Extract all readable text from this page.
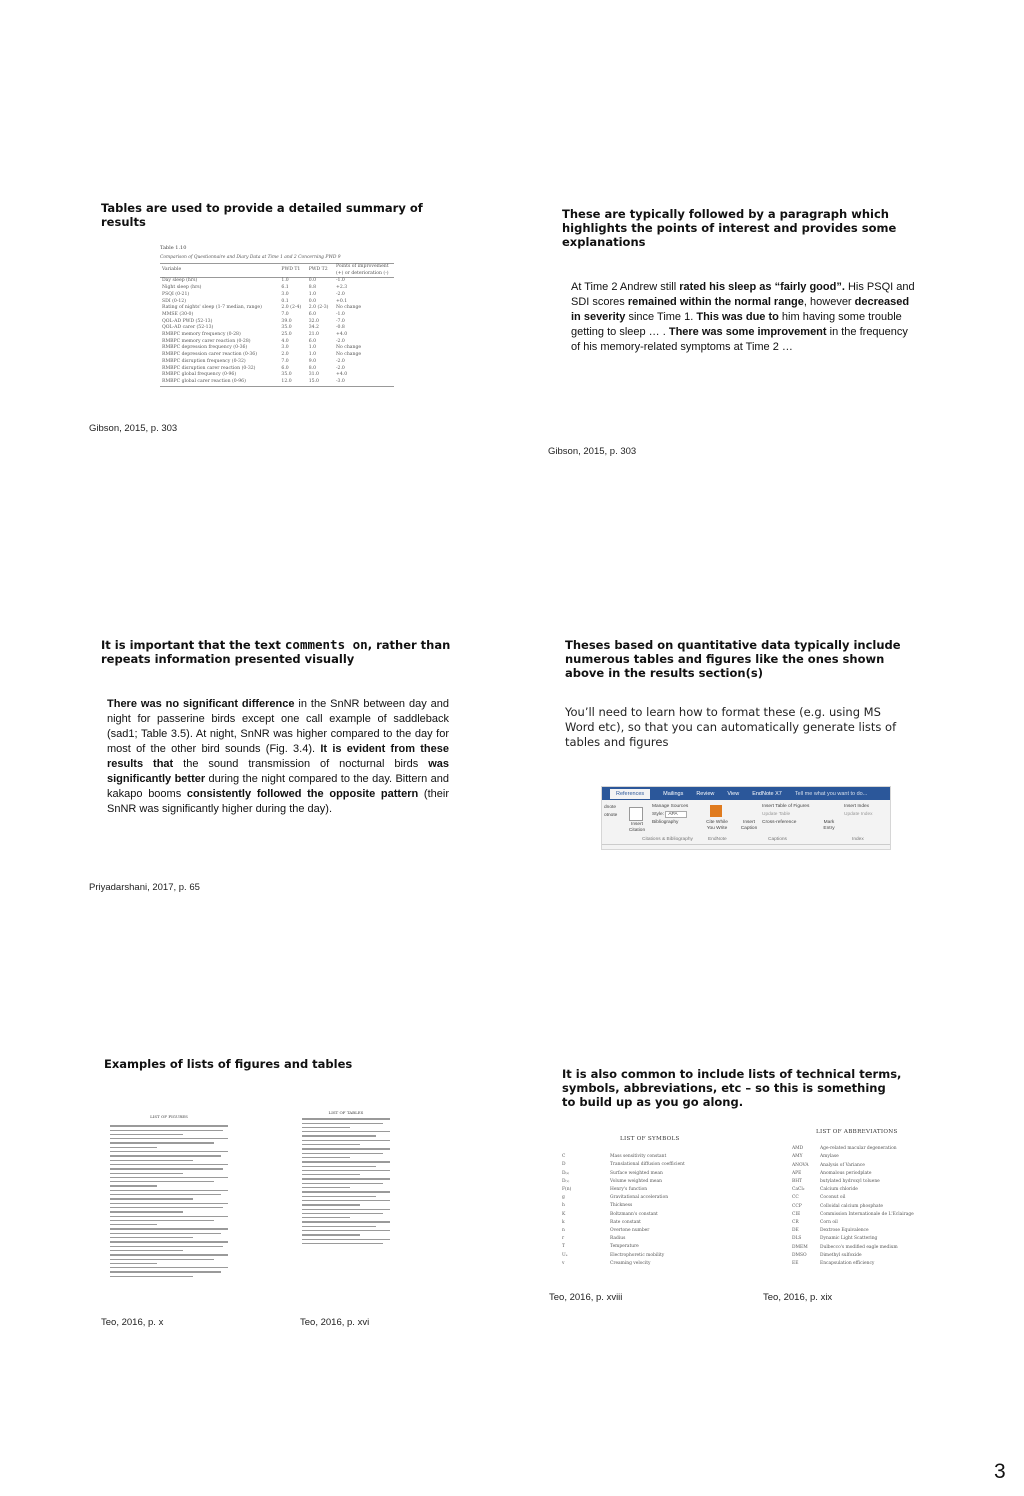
Tables are used to provide a detailed summary of results
Table 1.10
Comparison of Questionnaire and Diary Data at Time 1 and 2 Concerning PWD 9
Variable	PWD T1	PWD T2	Points of improvement (+) or deterioration (-)
Day sleep (hrs)	1.0	0.0	-1.0
Night sleep (hrs)	6.1	8.8	+2.3
PSQI (0-21)	3.0	1.0	-2.0
SDI (0-12)	0.1	0.0	+0.1
Rating of nights' sleep (1-7 median, range)	2.0 (2-4)	2.0 (2-3)	No change
MMSE (30-0)	7.0	6.0	-1.0
QOL-AD PWD (52-13)	39.0	32.0	-7.0
QOL-AD carer (52-13)	35.0	34.2	-0.8
RMBPC memory frequency (0-28)	25.0	21.0	+4.0
RMBPC memory carer reaction (0-28)	4.0	6.0	-2.0
RMBPC depression frequency (0-36)	3.0	1.0	No change
RMBPC depression carer reaction (0-36)	2.0	1.0	No change
RMBPC disruption frequency (0-32)	7.0	9.0	-2.0
RMBPC disruption carer reaction (0-32)	6.0	8.0	-2.0
RMBPC global frequency (0-96)	35.0	31.0	+4.0
RMBPC global carer reaction (0-96)	12.0	15.0	-3.0
Gibson, 2015, p. 303
These are typically followed by a paragraph which highlights the points of interest and provides some explanations
At Time 2 Andrew still rated his sleep as “fairly good”. His PSQI and SDI scores remained within the normal range, however decreased in severity since Time 1. This was due to him having some trouble getting to sleep … . There was some improvement in the frequency of his memory-related symptoms at Time 2 …
Gibson, 2015, p. 303
It is important that the text comments on, rather than repeats information presented visually
There was no significant difference in the SnNR between day and night for passerine birds except one call example of saddleback (sad1; Table 3.5). At night, SnNR was higher compared to the day for most of the other bird sounds (Fig. 3.4). It is evident from these results that the sound transmission of nocturnal birds was significantly better during the night compared to the day. Bittern and kakapo booms consistently followed the opposite pattern (their SnNR was significantly higher during the day).
Priyadarshani, 2017, p. 65
Theses based on quantitative data typically include numerous tables and figures like the ones shown above in the results section(s)
You’ll need to learn how to format these (e.g. using MS Word etc), so that you can automatically generate lists of tables and figures
References	Mailings Review View EndNote X7 Tell me what you want to do...
dnote
otnote
Insert Citation
Manage Sources
Style: APA
Bibliography	Cite While You Write
Insert Caption
Insert Table of Figures
Update Table
Cross-reference	Mark Entry
Insert Index
Update Index
Citations & Bibliography	EndNote	Captions	Index
Examples of lists of figures and tables
LIST OF FIGURES
LIST OF TABLES
Teo, 2016, p. x	Teo, 2016, p. xvi
It is also common to include lists of technical terms, symbols, abbreviations, etc – so this is something to build up as you go along.
LIST OF SYMBOLS
C	Mass sensitivity constant
D	Translational diffusion coefficient
D₍ₛ₎	Surface weighted mean
D₍ᵥ₎	Volume weighted mean
F(n)	Henry's function
g	Gravitational acceleration
h	Thickness
K	Boltzmann's constant
k	Rate constant
n	Overtone number
r	Radius
T	Temperature
Uₑ	Electrophoretic mobility
v	Creaming velocity
LIST OF ABBREVIATIONS
AMD	Age-related macular degeneration
AMY	Amylase
ANOVA	Analysis of Variance
APE	Anomalous periodplate
BHT	butylated hydroxyl toluene
CaCl₂	Calcium chloride
CC	Coconut oil
CCP	Colloidal calcium phosphate
CIE	Commission Internationale de L'Eclairage
CR	Corn oil
DE	Dextrose Equivalence
DLS	Dynamic Light Scattering
DMEM	Dulbecco's modified eagle medium
DMSO	Dimethyl sulfoxide
EE	Encapsulation efficiency
Teo, 2016, p. xviii	Teo, 2016, p. xix
3
